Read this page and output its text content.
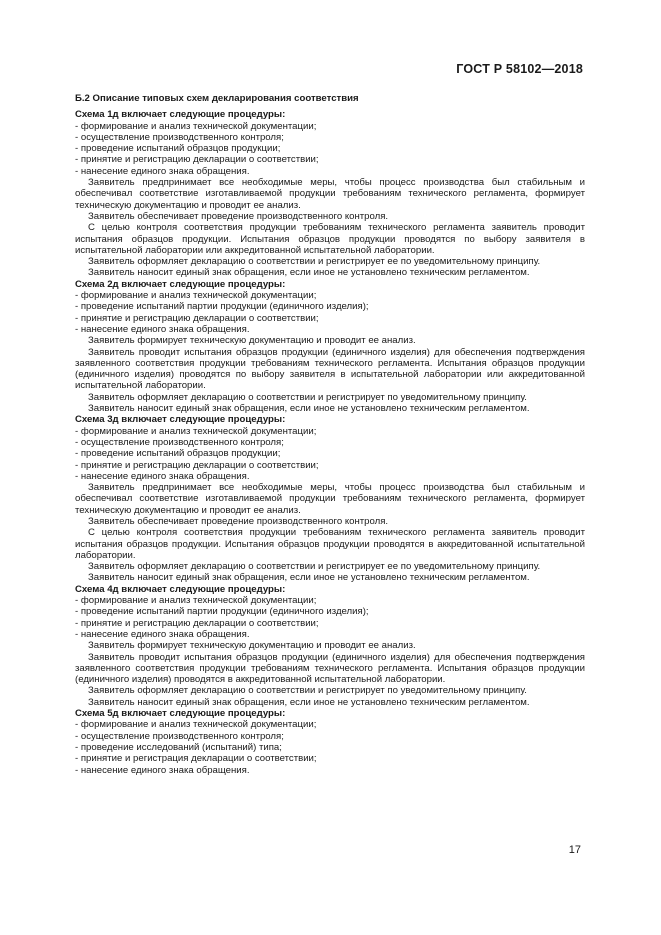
ГОСТ Р 58102—2018

Б.2 Описание типовых схем декларирования соответствия

Схема 1д включает следующие процедуры:

- формирование и анализ технической документации;

- осуществление производственного контроля;

- проведение испытаний образцов продукции;

- принятие и регистрацию декларации о соответствии;

- нанесение единого знака обращения.

Заявитель предпринимает все необходимые меры, чтобы процесс производства был стабильным и обеспечивал соответствие изготавливаемой продукции требованиям технического регламента, формирует техническую документацию и проводит ее анализ.

Заявитель обеспечивает проведение производственного контроля.

С целью контроля соответствия продукции требованиям технического регламента заявитель проводит испытания образцов продукции. Испытания образцов продукции проводятся по выбору заявителя в испытательной лаборатории или аккредитованной испытательной лаборатории.

Заявитель оформляет декларацию о соответствии и регистрирует ее по уведомительному принципу.

Заявитель наносит единый знак обращения, если иное не установлено техническим регламентом.

Схема 2д включает следующие процедуры:

- формирование и анализ технической документации;

- проведение испытаний партии продукции (единичного изделия);

- принятие и регистрацию декларации о соответствии;

- нанесение единого знака обращения.

Заявитель формирует техническую документацию и проводит ее анализ.

Заявитель проводит испытания образцов продукции (единичного изделия) для обеспечения подтверждения заявленного соответствия продукции требованиям технического регламента. Испытания образцов продукции (единичного изделия) проводятся по выбору заявителя в испытательной лаборатории или аккредитованной испытательной лаборатории.

Заявитель оформляет декларацию о соответствии и регистрирует по уведомительному принципу.

Заявитель наносит единый знак обращения, если иное не установлено техническим регламентом.

Схема 3д включает следующие процедуры:

- формирование и анализ технической документации;

- осуществление производственного контроля;

- проведение испытаний образцов продукции;

- принятие и регистрацию декларации о соответствии;

- нанесение единого знака обращения.

Заявитель предпринимает все необходимые меры, чтобы процесс производства был стабильным и обеспечивал соответствие изготавливаемой продукции требованиям технического регламента, формирует техническую документацию и проводит ее анализ.

Заявитель обеспечивает проведение производственного контроля.

С целью контроля соответствия продукции требованиям технического регламента заявитель проводит испытания образцов продукции. Испытания образцов продукции проводятся в аккредитованной испытательной лаборатории.

Заявитель оформляет декларацию о соответствии и регистрирует ее по уведомительному принципу.

Заявитель наносит единый знак обращения, если иное не установлено техническим регламентом.

Схема 4д включает следующие процедуры:

- формирование и анализ технической документации;

- проведение испытаний партии продукции (единичного изделия);

- принятие и регистрацию декларации о соответствии;

- нанесение единого знака обращения.

Заявитель формирует техническую документацию и проводит ее анализ.

Заявитель проводит испытания образцов продукции (единичного изделия) для обеспечения подтверждения заявленного соответствия продукции требованиям технического регламента. Испытания образцов продукции (единичного изделия) проводятся в аккредитованной испытательной лаборатории.

Заявитель оформляет декларацию о соответствии и регистрирует по уведомительному принципу.

Заявитель наносит единый знак обращения, если иное не установлено техническим регламентом.

Схема 5д включает следующие процедуры:

- формирование и анализ технической документации;

- осуществление производственного контроля;

- проведение исследований (испытаний) типа;

- принятие и регистрация декларации о соответствии;

- нанесение единого знака обращения.

17
